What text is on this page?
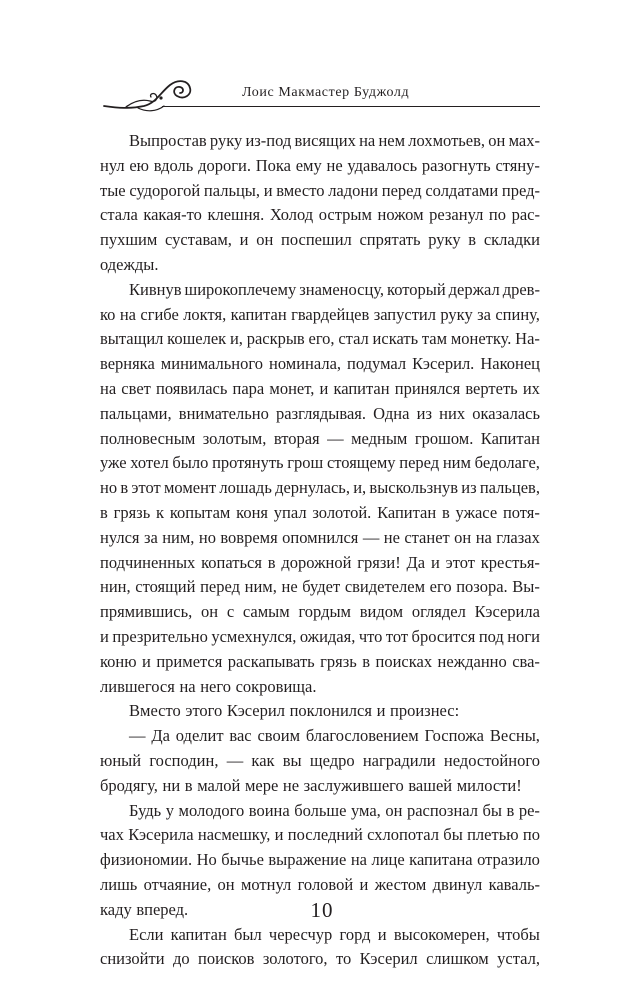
Лоис Макмастер Буджолд
Выпростав руку из-под висящих на нем лохмотьев, он мах-
нул ею вдоль дороги. Пока ему не удавалось разогнуть стяну-
тые судорогой пальцы, и вместо ладони перед солдатами пред-
стала какая-то клешня. Холод острым ножом резанул по рас-
пухшим суставам, и он поспешил спрятать руку в складки
одежды.
Кивнув широкоплечему знаменосцу, который держал древ-
ко на сгибе локтя, капитан гвардейцев запустил руку за спину,
вытащил кошелек и, раскрыв его, стал искать там монетку. На-
верняка минимального номинала, подумал Кэсерил. Наконец
на свет появилась пара монет, и капитан принялся вертеть их
пальцами, внимательно разглядывая. Одна из них оказалась
полновесным золотым, вторая — медным грошом. Капитан
уже хотел было протянуть грош стоящему перед ним бедолаге,
но в этот момент лошадь дернулась, и, выскользнув из пальцев,
в грязь к копытам коня упал золотой. Капитан в ужасе потя-
нулся за ним, но вовремя опомнился — не станет он на глазах
подчиненных копаться в дорожной грязи! Да и этот крестья-
нин, стоящий перед ним, не будет свидетелем его позора. Вы-
прямившись, он с самым гордым видом оглядел Кэсерила
и презрительно усмехнулся, ожидая, что тот бросится под ноги
коню и примется раскапывать грязь в поисках нежданно сва-
лившегося на него сокровища.
Вместо этого Кэсерил поклонился и произнес:
— Да оделит вас своим благословением Госпожа Весны,
юный господин, — как вы щедро наградили недостойного
бродягу, ни в малой мере не заслужившего вашей милости!
Будь у молодого воина больше ума, он распознал бы в ре-
чах Кэсерила насмешку, и последний схлопотал бы плетью по
физиономии. Но бычье выражение на лице капитана отразило
лишь отчаяние, он мотнул головой и жестом двинул каваль-
каду вперед.
Если капитан был чересчур горд и высокомерен, чтобы
снизойти до поисков золотого, то Кэсерил слишком устал,
10
